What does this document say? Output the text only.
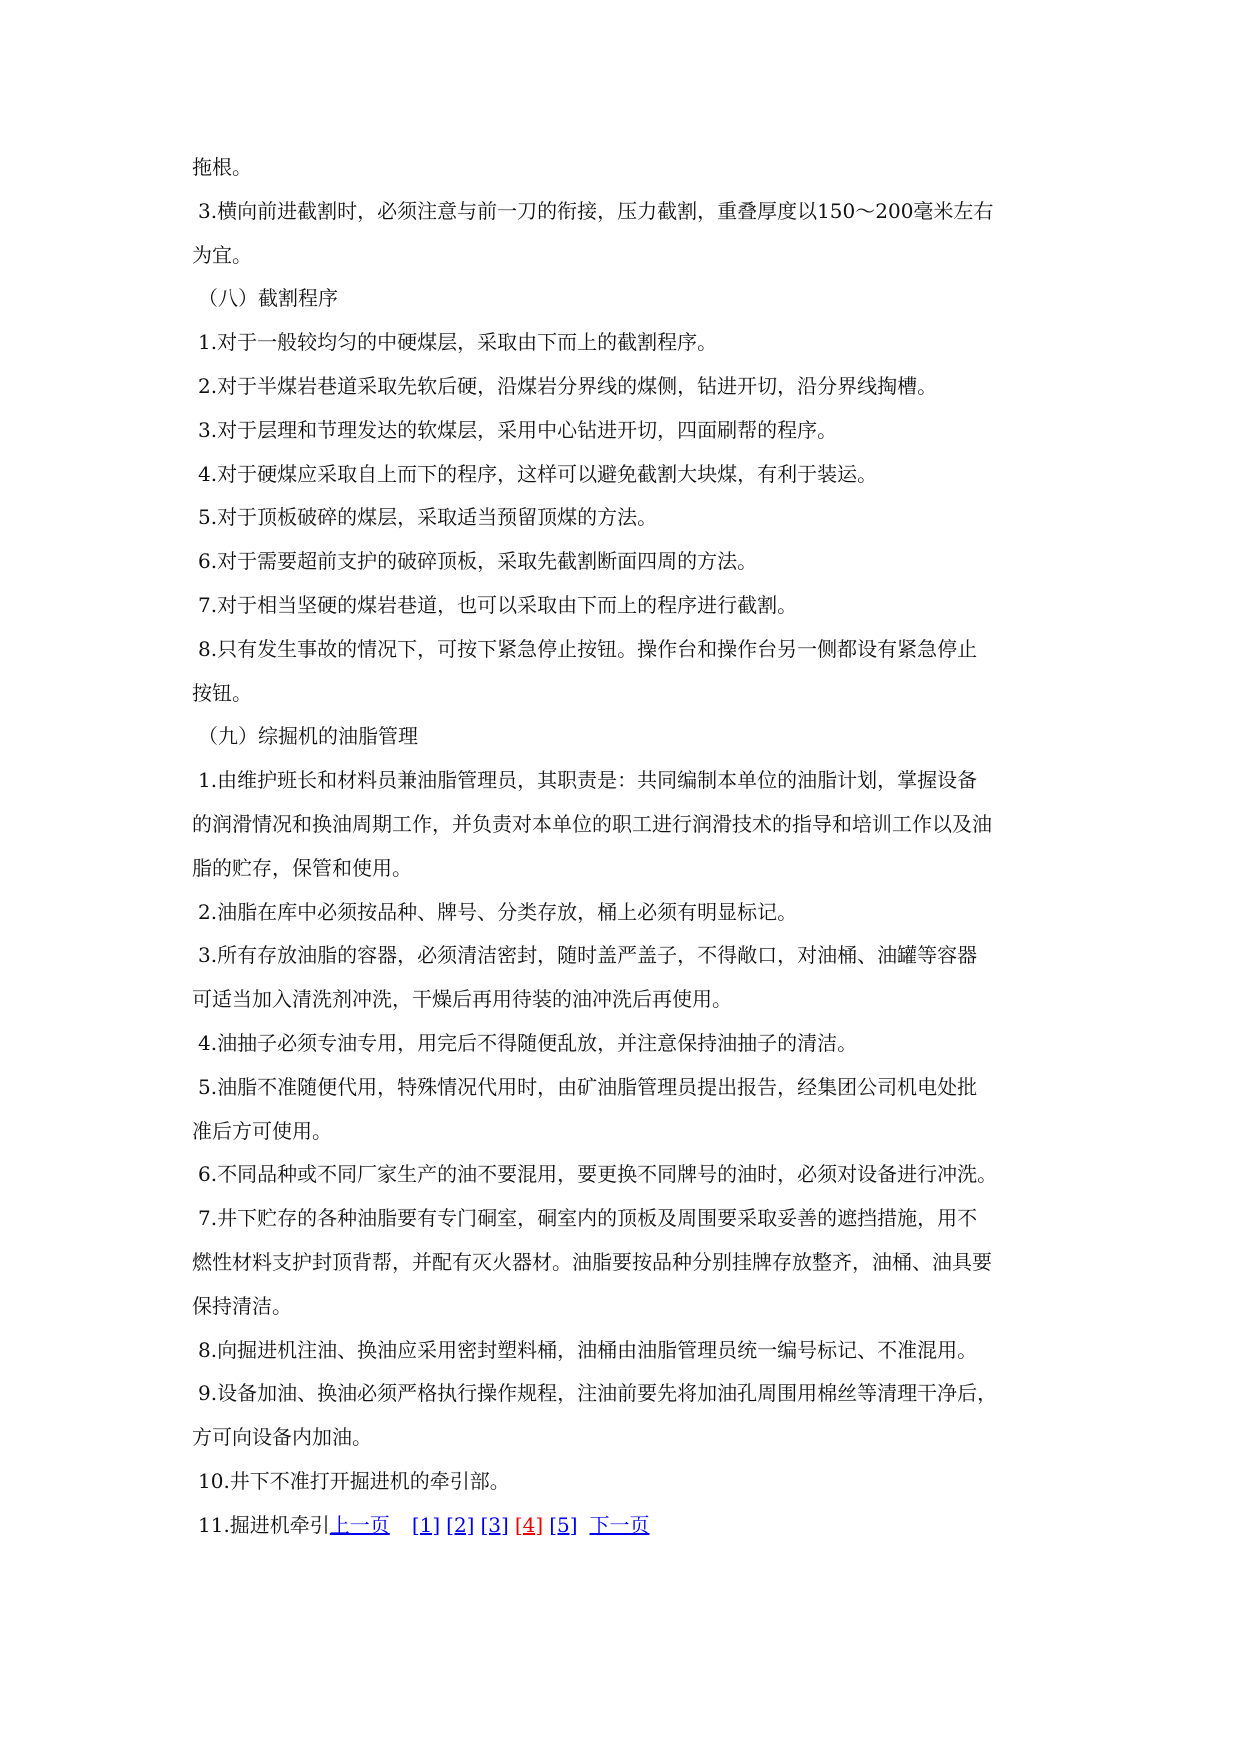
拖根。

3.横向前进截割时，必须注意与前一刀的衔接，压力截割，重叠厚度以150～200毫米左右

为宜。

（八）截割程序

1.对于一般较均匀的中硬煤层，采取由下而上的截割程序。

2.对于半煤岩巷道采取先软后硬，沿煤岩分界线的煤侧，钻进开切，沿分界线掏槽。

3.对于层理和节理发达的软煤层，采用中心钻进开切，四面刷帮的程序。

4.对于硬煤应采取自上而下的程序，这样可以避免截割大块煤，有利于装运。

5.对于顶板破碎的煤层，采取适当预留顶煤的方法。

6.对于需要超前支护的破碎顶板，采取先截割断面四周的方法。

7.对于相当坚硬的煤岩巷道，也可以采取由下而上的程序进行截割。

8.只有发生事故的情况下，可按下紧急停止按钮。操作台和操作台另一侧都设有紧急停止

按钮。

（九）综掘机的油脂管理

1.由维护班长和材料员兼油脂管理员，其职责是：共同编制本单位的油脂计划，掌握设备

的润滑情况和换油周期工作，并负责对本单位的职工进行润滑技术的指导和培训工作以及油

脂的贮存，保管和使用。

2.油脂在库中必须按品种、牌号、分类存放，桶上必须有明显标记。

3.所有存放油脂的容器，必须清洁密封，随时盖严盖子，不得敞口，对油桶、油罐等容器

可适当加入清洗剂冲洗，干燥后再用待装的油冲洗后再使用。

4.油抽子必须专油专用，用完后不得随便乱放，并注意保持油抽子的清洁。

5.油脂不准随便代用，特殊情况代用时，由矿油脂管理员提出报告，经集团公司机电处批

准后方可使用。

6.不同品种或不同厂家生产的油不要混用，要更换不同牌号的油时，必须对设备进行冲洗。

7.井下贮存的各种油脂要有专门硐室，硐室内的顶板及周围要采取妥善的遮挡措施，用不

燃性材料支护封顶背帮，并配有灭火器材。油脂要按品种分别挂牌存放整齐，油桶、油具要

保持清洁。

8.向掘进机注油、换油应采用密封塑料桶，油桶由油脂管理员统一编号标记、不准混用。

9.设备加油、换油必须严格执行操作规程，注油前要先将加油孔周围用棉丝等清理干净后，

方可向设备内加油。

10.井下不准打开掘进机的牵引部。

11.掘进机牵引上一页 [1] [2] [3] [4] [5] 下一页
